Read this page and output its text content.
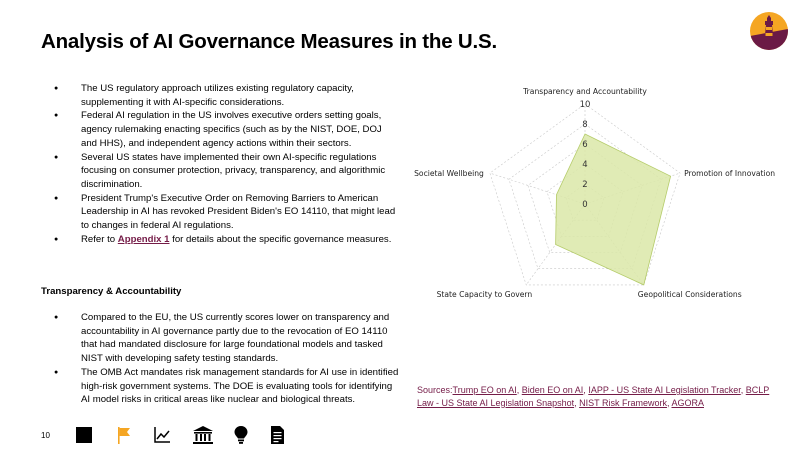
Analysis of AI Governance Measures in the U.S.
● The US regulatory approach utilizes existing regulatory capacity, supplementing it with AI-specific considerations.
● Federal AI regulation in the US involves executive orders setting goals, agency rulemaking enacting specifics (such as by the NIST, DOE, DOJ and HHS), and independent agency actions within their sectors.
● Several US states have implemented their own AI-specific regulations focusing on consumer protection, privacy, transparency, and algorithmic discrimination.
● President Trump's Executive Order on Removing Barriers to American Leadership in AI has revoked President Biden's EO 14110, that might lead to changes in federal AI regulations.
● Refer to Appendix 1 for details about the specific governance measures.
Transparency & Accountability
● Compared to the EU, the US currently scores lower on transparency and accountability in AI governance partly due to the revocation of EO 14110 that had mandated disclosure for large foundational models and tasked NIST with developing safety testing standards.
● The OMB Act mandates risk management standards for AI use in identified high-risk government systems. The DOE is evaluating tools for identifying AI model risks in critical areas like nuclear and biological threats.
0
2
4
6
8
10
Transparency and Accountability
Promotion of Innovation
Geopolitical Considerations
State Capacity to Govern
Societal Wellbeing
Sources:Trump EO on AI, Biden EO on AI, IAPP - US State AI Legislation Tracker, BCLP Law - US State AI Legislation Snapshot, NIST Risk Framework, AGORA
10
